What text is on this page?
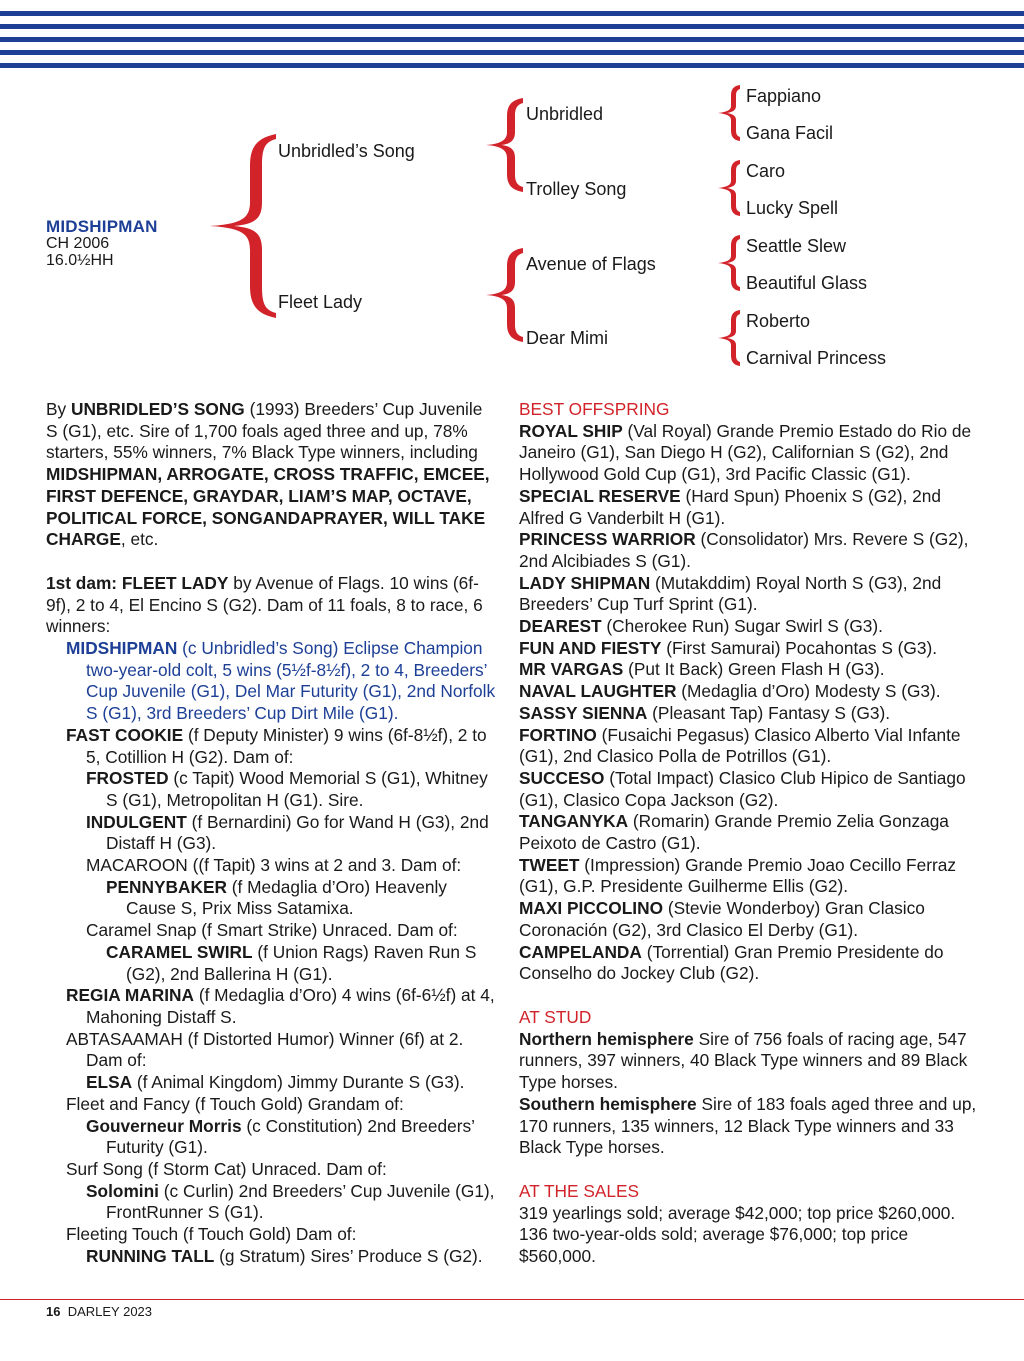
MIDSHIPMAN
CH 2006
16.0½HH
Unbridled’s Song
Fleet Lady
Unbridled
Trolley Song
Avenue of Flags
Dear Mimi
Fappiano
Gana Facil
Caro
Lucky Spell
Seattle Slew
Beautiful Glass
Roberto
Carnival Princess

By UNBRIDLED’S SONG (1993) Breeders’ Cup Juvenile S (G1), etc. Sire of 1,700 foals aged three and up, 78% starters, 55% winners, 7% Black Type winners, including MIDSHIPMAN, ARROGATE, CROSS TRAFFIC, EMCEE, FIRST DEFENCE, GRAYDAR, LIAM’S MAP, OCTAVE, POLITICAL FORCE, SONGANDAPRAYER, WILL TAKE CHARGE, etc.

1st dam: FLEET LADY by Avenue of Flags. 10 wins (6f-9f), 2 to 4, El Encino S (G2). Dam of 11 foals, 8 to race, 6 winners:

MIDSHIPMAN (c Unbridled’s Song) Eclipse Champion two-year-old colt, 5 wins (5½f-8½f), 2 to 4, Breeders’ Cup Juvenile (G1), Del Mar Futurity (G1), 2nd Norfolk S (G1), 3rd Breeders’ Cup Dirt Mile (G1).

FAST COOKIE (f Deputy Minister) 9 wins (6f-8½f), 2 to 5, Cotillion H (G2). Dam of:

FROSTED (c Tapit) Wood Memorial S (G1), Whitney S (G1), Metropolitan H (G1). Sire.

INDULGENT (f Bernardini) Go for Wand H (G3), 2nd Distaff H (G3).

MACAROON ((f Tapit) 3 wins at 2 and 3. Dam of:

PENNYBAKER (f Medaglia d’Oro) Heavenly Cause S, Prix Miss Satamixa.

Caramel Snap (f Smart Strike) Unraced. Dam of:

CARAMEL SWIRL (f Union Rags) Raven Run S (G2), 2nd Ballerina H (G1).

REGIA MARINA (f Medaglia d’Oro) 4 wins (6f-6½f) at 4, Mahoning Distaff S.

ABTASAAMAH (f Distorted Humor) Winner (6f) at 2. Dam of:

ELSA (f Animal Kingdom) Jimmy Durante S (G3).

Fleet and Fancy (f Touch Gold) Grandam of:

Gouverneur Morris (c Constitution) 2nd Breeders’ Futurity (G1).

Surf Song (f Storm Cat) Unraced. Dam of:

Solomini (c Curlin) 2nd Breeders’ Cup Juvenile (G1), FrontRunner S (G1).

Fleeting Touch (f Touch Gold) Dam of:

RUNNING TALL (g Stratum) Sires’ Produce S (G2).

BEST OFFSPRING

ROYAL SHIP (Val Royal) Grande Premio Estado do Rio de Janeiro (G1), San Diego H (G2), Californian S (G2), 2nd Hollywood Gold Cup (G1), 3rd Pacific Classic (G1).

SPECIAL RESERVE (Hard Spun) Phoenix S (G2), 2nd Alfred G Vanderbilt H (G1).

PRINCESS WARRIOR (Consolidator) Mrs. Revere S (G2), 2nd Alcibiades S (G1).

LADY SHIPMAN (Mutakddim) Royal North S (G3), 2nd Breeders’ Cup Turf Sprint (G1).

DEAREST (Cherokee Run) Sugar Swirl S (G3).

FUN AND FIESTY (First Samurai) Pocahontas S (G3).

MR VARGAS (Put It Back) Green Flash H (G3).

NAVAL LAUGHTER (Medaglia d’Oro) Modesty S (G3).

SASSY SIENNA (Pleasant Tap) Fantasy S (G3).

FORTINO (Fusaichi Pegasus) Clasico Alberto Vial Infante (G1), 2nd Clasico Polla de Potrillos (G1).

SUCCESO (Total Impact) Clasico Club Hipico de Santiago (G1), Clasico Copa Jackson (G2).

TANGANYKA (Romarin) Grande Premio Zelia Gonzaga Peixoto de Castro (G1).

TWEET (Impression) Grande Premio Joao Cecillo Ferraz (G1), G.P. Presidente Guilherme Ellis (G2).

MAXI PICCOLINO (Stevie Wonderboy) Gran Clasico Coronación (G2), 3rd Clasico El Derby (G1).

CAMPELANDA (Torrential) Gran Premio Presidente do Conselho do Jockey Club (G2).

AT STUD

Northern hemisphere Sire of 756 foals of racing age, 547 runners, 397 winners, 40 Black Type winners and 89 Black Type horses.

Southern hemisphere Sire of 183 foals aged three and up, 170 runners, 135 winners, 12 Black Type winners and 33 Black Type horses.

AT THE SALES

319 yearlings sold; average $42,000; top price $260,000.

136 two-year-olds sold; average $76,000; top price $560,000.

16 DARLEY 2023
